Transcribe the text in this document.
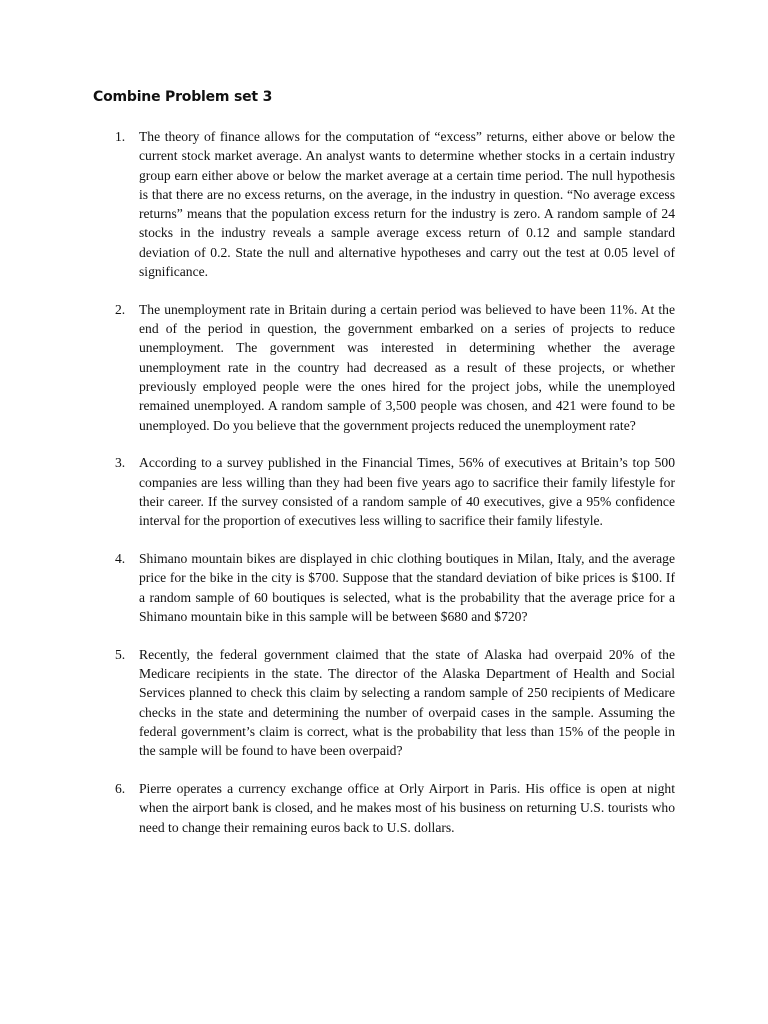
Combine Problem set 3
1. The theory of finance allows for the computation of “excess” returns, either above or below the current stock market average. An analyst wants to determine whether stocks in a certain industry group earn either above or below the market average at a certain time period. The null hypothesis is that there are no excess returns, on the average, in the industry in question. “No average excess returns” means that the population excess return for the industry is zero. A random sample of 24 stocks in the industry reveals a sample average excess return of 0.12 and sample standard deviation of 0.2. State the null and alternative hypotheses and carry out the test at 0.05 level of significance.
2. The unemployment rate in Britain during a certain period was believed to have been 11%. At the end of the period in question, the government embarked on a series of projects to reduce unemployment. The government was interested in determining whether the average unemployment rate in the country had decreased as a result of these projects, or whether previously employed people were the ones hired for the project jobs, while the unemployed remained unemployed. A random sample of 3,500 people was chosen, and 421 were found to be unemployed. Do you believe that the government projects reduced the unemployment rate?
3. According to a survey published in the Financial Times, 56% of executives at Britain’s top 500 companies are less willing than they had been five years ago to sacrifice their family lifestyle for their career. If the survey consisted of a random sample of 40 executives, give a 95% confidence interval for the proportion of executives less willing to sacrifice their family lifestyle.
4. Shimano mountain bikes are displayed in chic clothing boutiques in Milan, Italy, and the average price for the bike in the city is $700. Suppose that the standard deviation of bike prices is $100. If a random sample of 60 boutiques is selected, what is the probability that the average price for a Shimano mountain bike in this sample will be between $680 and $720?
5. Recently, the federal government claimed that the state of Alaska had overpaid 20% of the Medicare recipients in the state. The director of the Alaska Department of Health and Social Services planned to check this claim by selecting a random sample of 250 recipients of Medicare checks in the state and determining the number of overpaid cases in the sample. Assuming the federal government’s claim is correct, what is the probability that less than 15% of the people in the sample will be found to have been overpaid?
6. Pierre operates a currency exchange office at Orly Airport in Paris. His office is open at night when the airport bank is closed, and he makes most of his business on returning U.S. tourists who need to change their remaining euros back to U.S. dollars.
